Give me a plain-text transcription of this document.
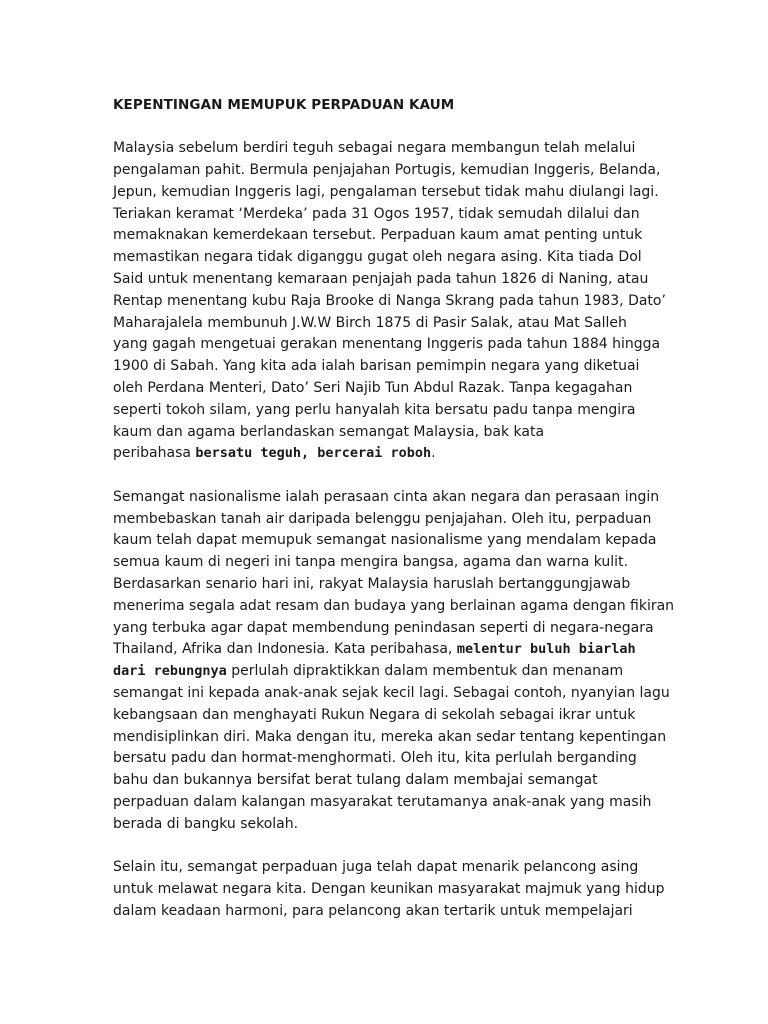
KEPENTINGAN MEMUPUK PERPADUAN KAUM
Malaysia sebelum berdiri teguh sebagai negara membangun telah melalui
pengalaman pahit. Bermula penjajahan Portugis, kemudian Inggeris, Belanda,
Jepun, kemudian Inggeris lagi, pengalaman tersebut tidak mahu diulangi lagi.
Teriakan keramat ‘Merdeka’ pada 31 Ogos 1957, tidak semudah dilalui dan
memaknakan kemerdekaan tersebut. Perpaduan kaum amat penting untuk
memastikan negara tidak diganggu gugat oleh negara asing. Kita tiada Dol
Said untuk menentang kemaraan penjajah pada tahun 1826 di Naning, atau
Rentap menentang kubu Raja Brooke di Nanga Skrang pada tahun 1983, Dato’
Maharajalela membunuh J.W.W Birch 1875 di Pasir Salak, atau Mat Salleh
yang gagah mengetuai gerakan menentang Inggeris pada tahun 1884 hingga
1900 di Sabah. Yang kita ada ialah barisan pemimpin negara yang diketuai
oleh Perdana Menteri, Dato’ Seri Najib Tun Abdul Razak. Tanpa kegagahan
seperti tokoh silam, yang perlu hanyalah kita bersatu padu tanpa mengira
kaum dan agama berlandaskan semangat Malaysia, bak kata
peribahasa bersatu teguh, bercerai roboh.
Semangat nasionalisme ialah perasaan cinta akan negara dan perasaan ingin
membebaskan tanah air daripada belenggu penjajahan. Oleh itu, perpaduan
kaum telah dapat memupuk semangat nasionalisme yang mendalam kepada
semua kaum di negeri ini tanpa mengira bangsa, agama dan warna kulit.
Berdasarkan senario hari ini, rakyat Malaysia haruslah bertanggungjawab
menerima segala adat resam dan budaya yang berlainan agama dengan fikiran
yang terbuka agar dapat membendung penindasan seperti di negara-negara
Thailand, Afrika dan Indonesia. Kata peribahasa, melentur buluh biarlah
dari rebungnya perlulah dipraktikkan dalam membentuk dan menanam
semangat ini kepada anak-anak sejak kecil lagi. Sebagai contoh, nyanyian lagu
kebangsaan dan menghayati Rukun Negara di sekolah sebagai ikrar untuk
mendisiplinkan diri. Maka dengan itu, mereka akan sedar tentang kepentingan
bersatu padu dan hormat-menghormati. Oleh itu, kita perlulah berganding
bahu dan bukannya bersifat berat tulang dalam membajai semangat
perpaduan dalam kalangan masyarakat terutamanya anak-anak yang masih
berada di bangku sekolah.
Selain itu, semangat perpaduan juga telah dapat menarik pelancong asing
untuk melawat negara kita. Dengan keunikan masyarakat majmuk yang hidup
dalam keadaan harmoni, para pelancong akan tertarik untuk mempelajari
